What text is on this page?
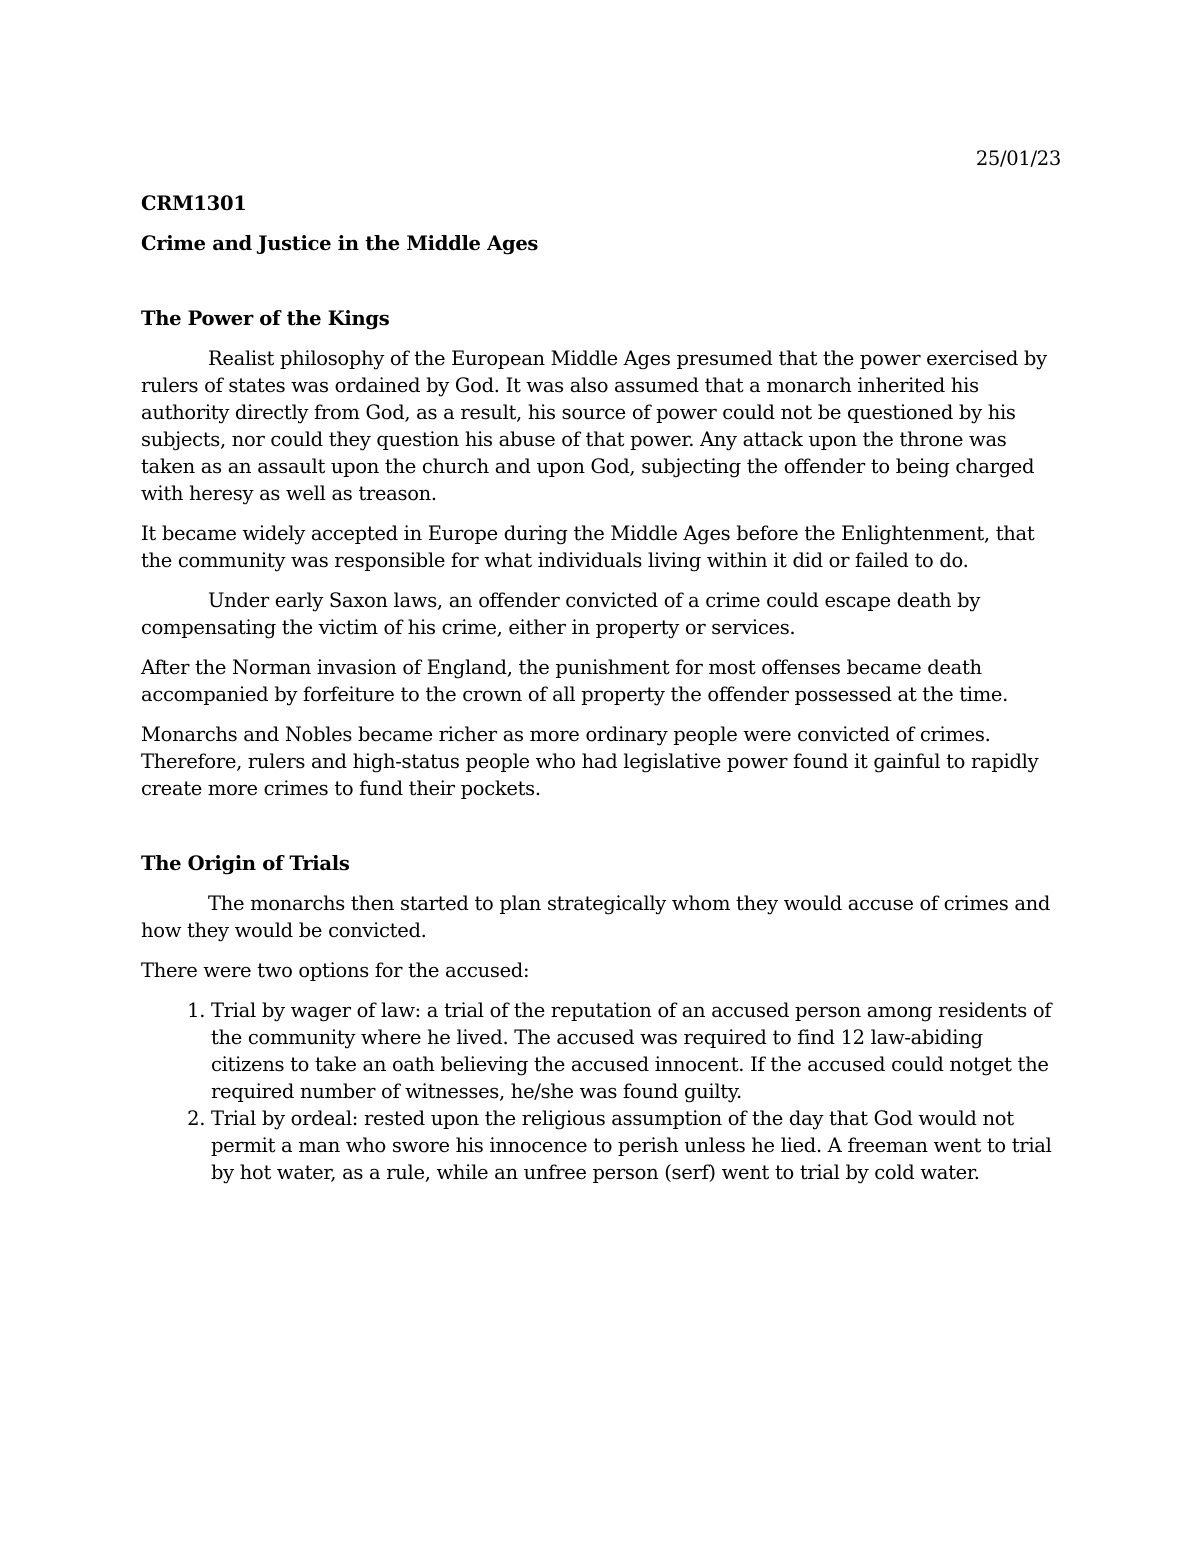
25/01/23
CRM1301
Crime and Justice in the Middle Ages
The Power of the Kings

Realist philosophy of the European Middle Ages presumed that the power exercised by rulers of states was ordained by God. It was also assumed that a monarch inherited his authority directly from God, as a result, his source of power could not be questioned by his subjects, nor could they question his abuse of that power. Any attack upon the throne was taken as an assault upon the church and upon God, subjecting the offender to being charged with heresy as well as treason.

It became widely accepted in Europe during the Middle Ages before the Enlightenment, that the community was responsible for what individuals living within it did or failed to do.

Under early Saxon laws, an offender convicted of a crime could escape death by compensating the victim of his crime, either in property or services.

After the Norman invasion of England, the punishment for most offenses became death accompanied by forfeiture to the crown of all property the offender possessed at the time.

Monarchs and Nobles became richer as more ordinary people were convicted of crimes. Therefore, rulers and high-status people who had legislative power found it gainful to rapidly create more crimes to fund their pockets.

The Origin of Trials

The monarchs then started to plan strategically whom they would accuse of crimes and how they would be convicted.

There were two options for the accused:

1. Trial by wager of law: a trial of the reputation of an accused person among residents of the community where he lived. The accused was required to find 12 law-abiding citizens to take an oath believing the accused innocent. If the accused could notget the required number of witnesses, he/she was found guilty.
2. Trial by ordeal: rested upon the religious assumption of the day that God would not permit a man who swore his innocence to perish unless he lied. A freeman went to trial by hot water, as a rule, while an unfree person (serf) went to trial by cold water.
